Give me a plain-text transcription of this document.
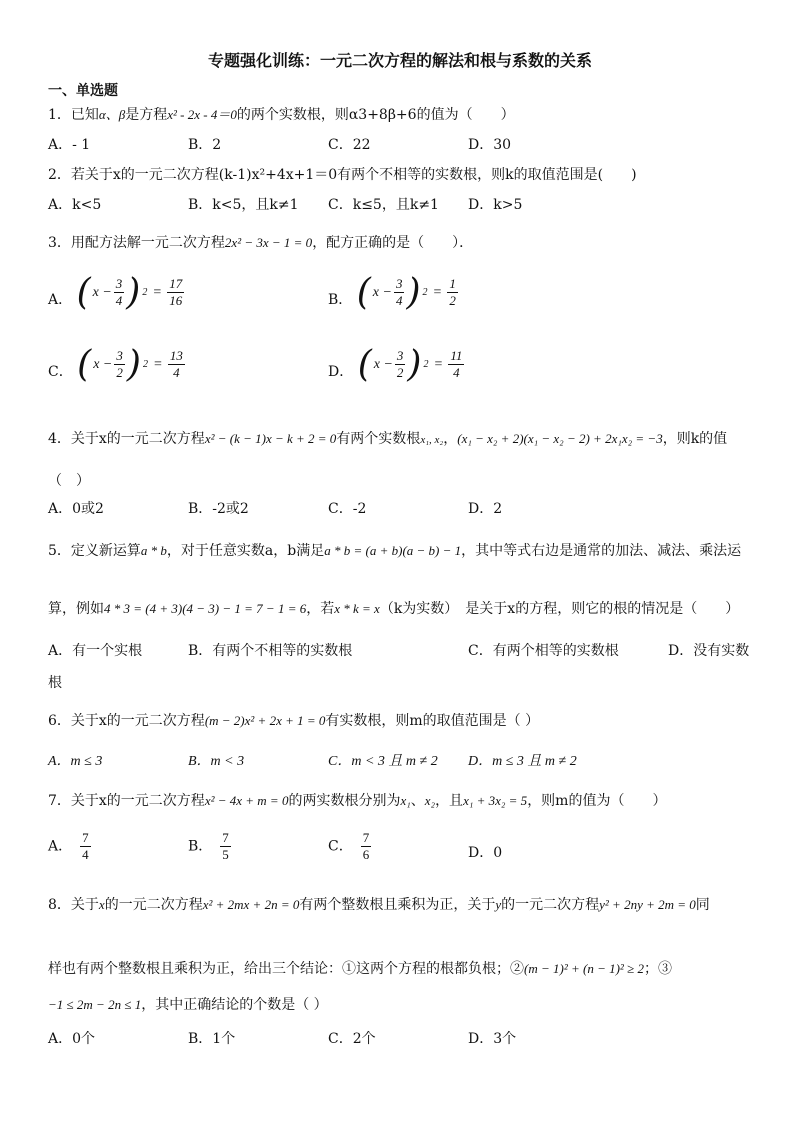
专题强化训练：一元二次方程的解法和根与系数的关系
一、单选题
1．已知α、β是方程x² - 2x - 4＝0的两个实数根，则α3+8β+6的值为（　　）
A．- 1	B．2	C．22	D．30
2．若关于x的一元二次方程(k-1)x²+4x+1＝0有两个不相等的实数根，则k的取值范围是(　　)
A．k<5	B．k<5，且k≠1 C．k≤5，且k≠1 D．k>5
3．用配方法解一元二次方程2x² − 3x − 1 = 0，配方正确的是（　　）．
A． ( $x - \frac{3}{4}$ ) $2 = \frac{17}{16}$	B． ( $x - \frac{3}{4}$ ) $2 = \frac{1}{2}$
C． ( $x - \frac{3}{2}$ ) $2 = \frac{13}{4}$	D． ( $x - \frac{3}{2}$ ) $2 = \frac{11}{4}$
4．关于x的一元二次方程x² − (k − 1)x − k + 2 = 0有两个实数根x₁, x₂，(x₁ − x₂ + 2)(x₁ − x₂ − 2) + 2x₁x₂ = −3，则k的值
（　）
A．0或2	B．-2或2	C．-2	D．2
5．定义新运算a * b，对于任意实数a，b满足a * b = (a + b)(a − b) − 1，其中等式右边是通常的加法、减法、乘法运
算，例如4 * 3 = (4 + 3)(4 − 3) − 1 = 7 − 1 = 6，若x * k = x（k为实数）　是关于x的方程，则它的根的情况是（　　）
A．有一个实根	B．有两个不相等的实数根	C．有两个相等的实数根	D．没有实数
根
6．关于x的一元二次方程(m − 2)x² + 2x + 1 = 0有实数根，则m的取值范围是（ ）
A．m ≤ 3	B．m < 3	C．m < 3 且 m ≠ 2 D．m ≤ 3 且 m ≠ 2
7．关于x的一元二次方程x² − 4x + m = 0的两实数根分别为x₁、x₂，且x₁ + 3x₂ = 5，则m的值为（　　）
A． $\frac{7}{4}$	B． $\frac{7}{5}$	C． $\frac{7}{6}$	D．0
8．关于x的一元二次方程x² + 2mx + 2n = 0有两个整数根且乘积为正，关于y的一元二次方程y² + 2ny + 2m = 0同
样也有两个整数根且乘积为正，给出三个结论：①这两个方程的根都负根；②(m − 1)² + (n − 1)² ≥ 2；③
−1 ≤ 2m − 2n ≤ 1，其中正确结论的个数是（ ）
A．0个	B．1个	C．2个	D．3个
